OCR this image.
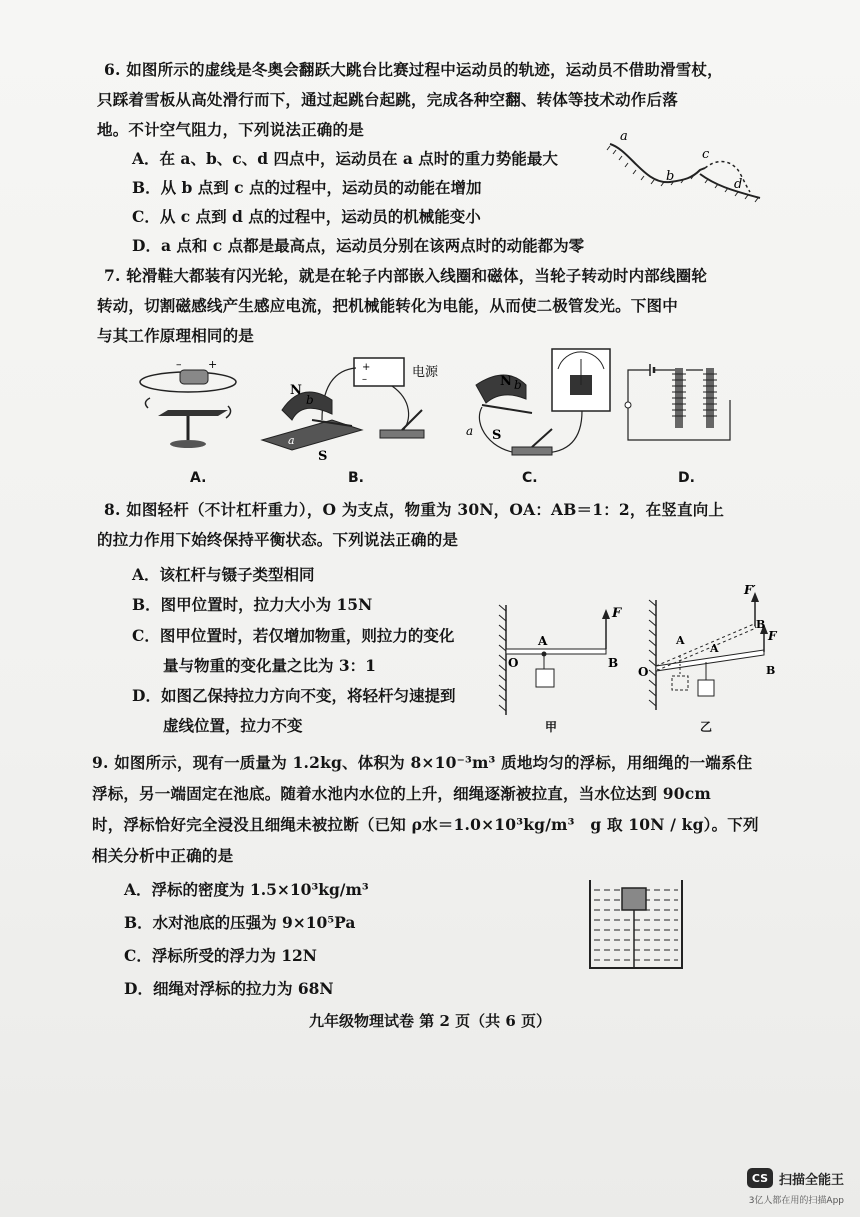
6. 如图所示的虚线是冬奥会翻跃大跳台比赛过程中运动员的轨迹，运动员不借助滑雪杖，
只踩着雪板从高处滑行而下，通过起跳台起跳，完成各种空翻、转体等技术动作后落
地。不计空气阻力，下列说法正确的是
A．在 a、b、c、d 四点中，运动员在 a 点时的重力势能最大
B．从 b 点到 c 点的过程中，运动员的动能在增加
C．从 c 点到 d 点的过程中，运动员的机械能变小
D．a 点和 c 点都是最高点，运动员分别在该两点时的动能都为零
a
b
c
d
7. 轮滑鞋大都装有闪光轮，就是在轮子内部嵌入线圈和磁体，当轮子转动时内部线圈轮
转动，切割磁感线产生感应电流，把机械能转化为电能，从而使二极管发光。下图中
与其工作原理相同的是
– +
A.
+
–	电源
N
b
a
S
B.
N b
a S
C.	D.
8. 如图轻杆（不计杠杆重力），O 为支点，物重为 30N，OA：AB＝1：2，在竖直向上
的拉力作用下始终保持平衡状态。下列说法正确的是
A．该杠杆与镊子类型相同
B．图甲位置时，拉力大小为 15N
C．图甲位置时，若仅增加物重，则拉力的变化
　　量与物重的变化量之比为 3：1
D．如图乙保持拉力方向不变，将轻杆匀速提到
　　虚线位置，拉力不变
F
A
O	B
甲
F′
F
B
B
A
A
O
乙
9. 如图所示，现有一质量为 1.2kg、体积为 8×10⁻³m³ 质地均匀的浮标，用细绳的一端系住
浮标，另一端固定在池底。随着水池内水位的上升，细绳逐渐被拉直，当水位达到 90cm
时，浮标恰好完全浸没且细绳未被拉断（已知 ρ水＝1.0×10³kg/m³　g 取 10N / kg）。下列
相关分析中正确的是
A．浮标的密度为 1.5×10³kg/m³
B．水对池底的压强为 9×10⁵Pa
C．浮标所受的浮力为 12N
D．细绳对浮标的拉力为 68N
九年级物理试卷 第 2 页（共 6 页）
CS 扫描全能王
3亿人都在用的扫描App
